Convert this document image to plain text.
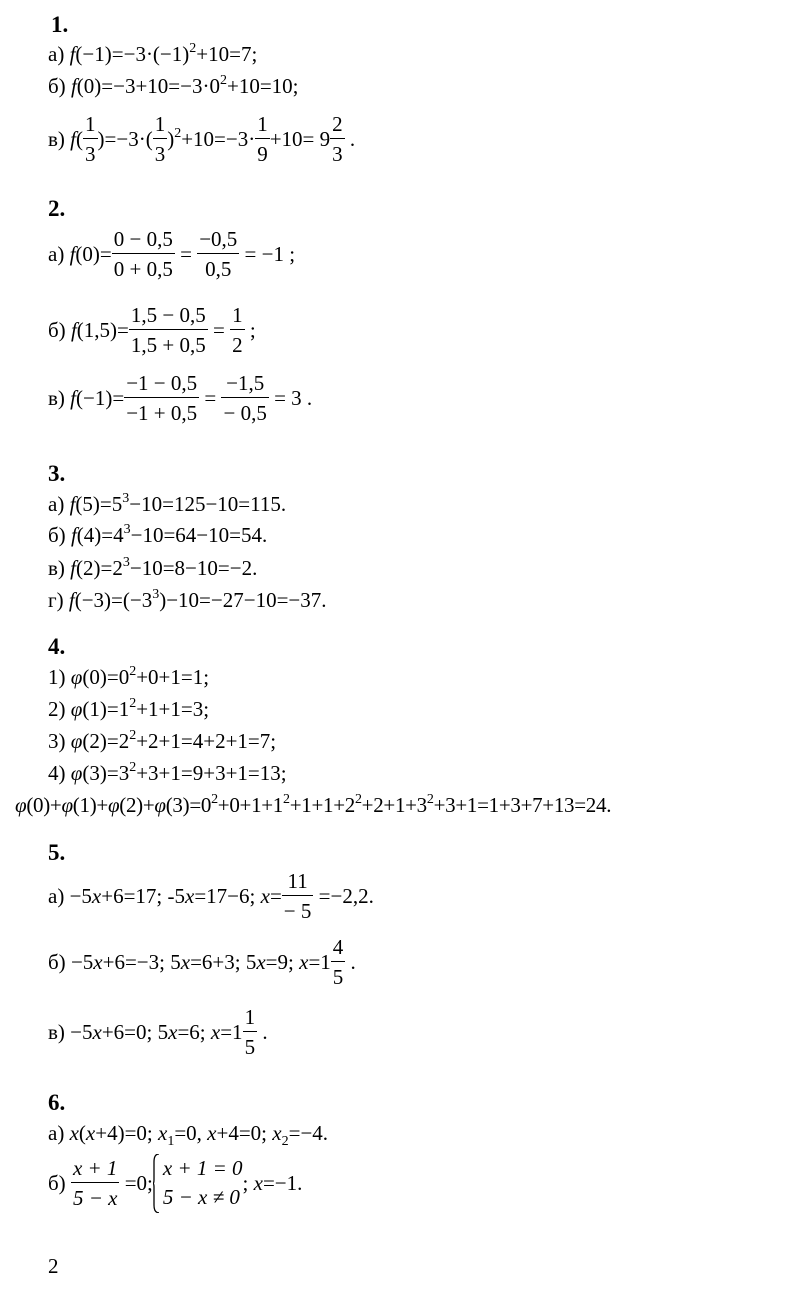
1.
а) $f(-1)=-3\cdot(-1)^2+10=7$;
б) $f(0)=-3+10=-3\cdot 0^2+10=10$;
в) $f( \frac{1}{3} )=-3\cdot( \frac{1}{3} )^2+10=-3\cdot \frac{1}{9} +10= 9 \frac{2}{3}$ .
2.
а) $f(0)= \frac{0 - 0,5}{0 + 0,5} = \frac{-0,5}{0,5} = -1$ ;
б) $f(1,5)= \frac{1,5 - 0,5}{1,5 + 0,5} = \frac{1}{2}$ ;
в) $f(-1)= \frac{-1 - 0,5}{-1 + 0,5} = \frac{-1,5}{- 0,5} = 3$ .
3.
а) $f(5)=5^3-10=125-10=115$.
б) $f(4)=4^3-10=64-10=54$.
в) $f(2)=2^3-10=8-10=-2$.
г) $f(-3)=(-3^3)-10=-27-10=-37$.
4.
1) $\varphi(0)=0^2+0+1=1$;
2) $\varphi(1)=1^2+1+1=3$;
3) $\varphi(2)=2^2+2+1=4+2+1=7$;
4) $\varphi(3)=3^2+3+1=9+3+1=13$;
$\varphi(0)+\varphi(1)+\varphi(2)+\varphi(3)=0^2+0+1+1^2+1+1+2^2+2+1+3^2+3+1=1+3+7+13=24$.
5.
а) −5x+6=17; -5x=17−6; $x= \frac{11}{- 5} =-2,2$.
б) −5x+6=−3; 5x=6+3; 5x=9; $x=1 \frac{4}{5}$ .
в) −5x+6=0; 5x=6; $x=1 \frac{1}{5}$ .
6.
а) x(x+4)=0; $x_1=0$, x+4=0; $x_2=-4$.
$б) \frac{x + 1}{5 - x} =0$;
x + 1 = 0
5 − x ≠ 0
; x=−1.
2
